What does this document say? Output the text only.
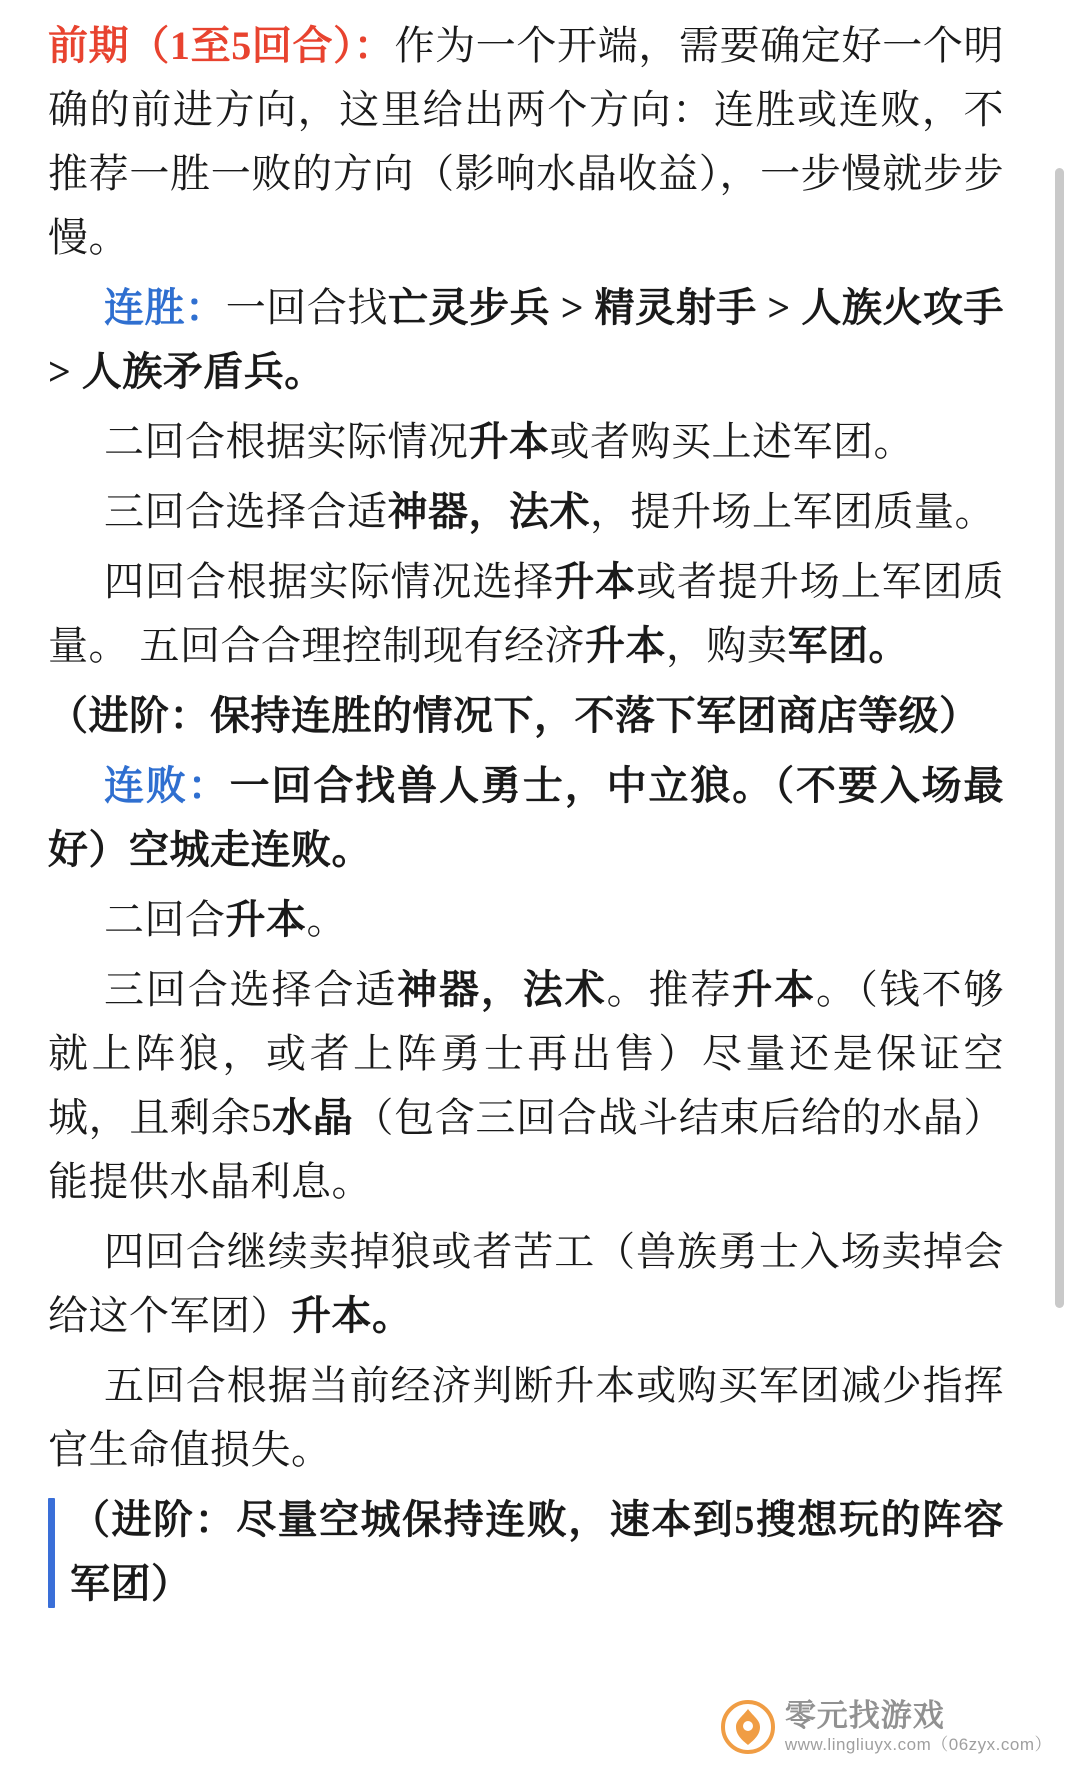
前期（1至5回合）：作为一个开端，需要确定好一个明确的前进方向，这里给出两个方向：连胜或连败，不推荐一胜一败的方向（影响水晶收益），一步慢就步步慢。

连胜：一回合找亡灵步兵 > 精灵射手 > 人族火攻手 > 人族矛盾兵。

二回合根据实际情况升本或者购买上述军团。

三回合选择合适神器，法术，提升场上军团质量。

四回合根据实际情况选择升本或者提升场上军团质量。 五回合合理控制现有经济升本，购卖军团。

（进阶：保持连胜的情况下，不落下军团商店等级）

连败：一回合找兽人勇士，中立狼。（不要入场最好）空城走连败。

二回合升本。

三回合选择合适神器，法术。推荐升本。（钱不够就上阵狼，或者上阵勇士再出售）尽量还是保证空城，且剩余5水晶（包含三回合战斗结束后给的水晶）能提供水晶利息。

四回合继续卖掉狼或者苦工（兽族勇士入场卖掉会给这个军团）升本。

五回合根据当前经济判断升本或购买军团减少指挥官生命值损失。

（进阶：尽量空城保持连败，速本到5搜想玩的阵容军团）

零元找游戏
www.lingliuyx.com（06zyx.com）
